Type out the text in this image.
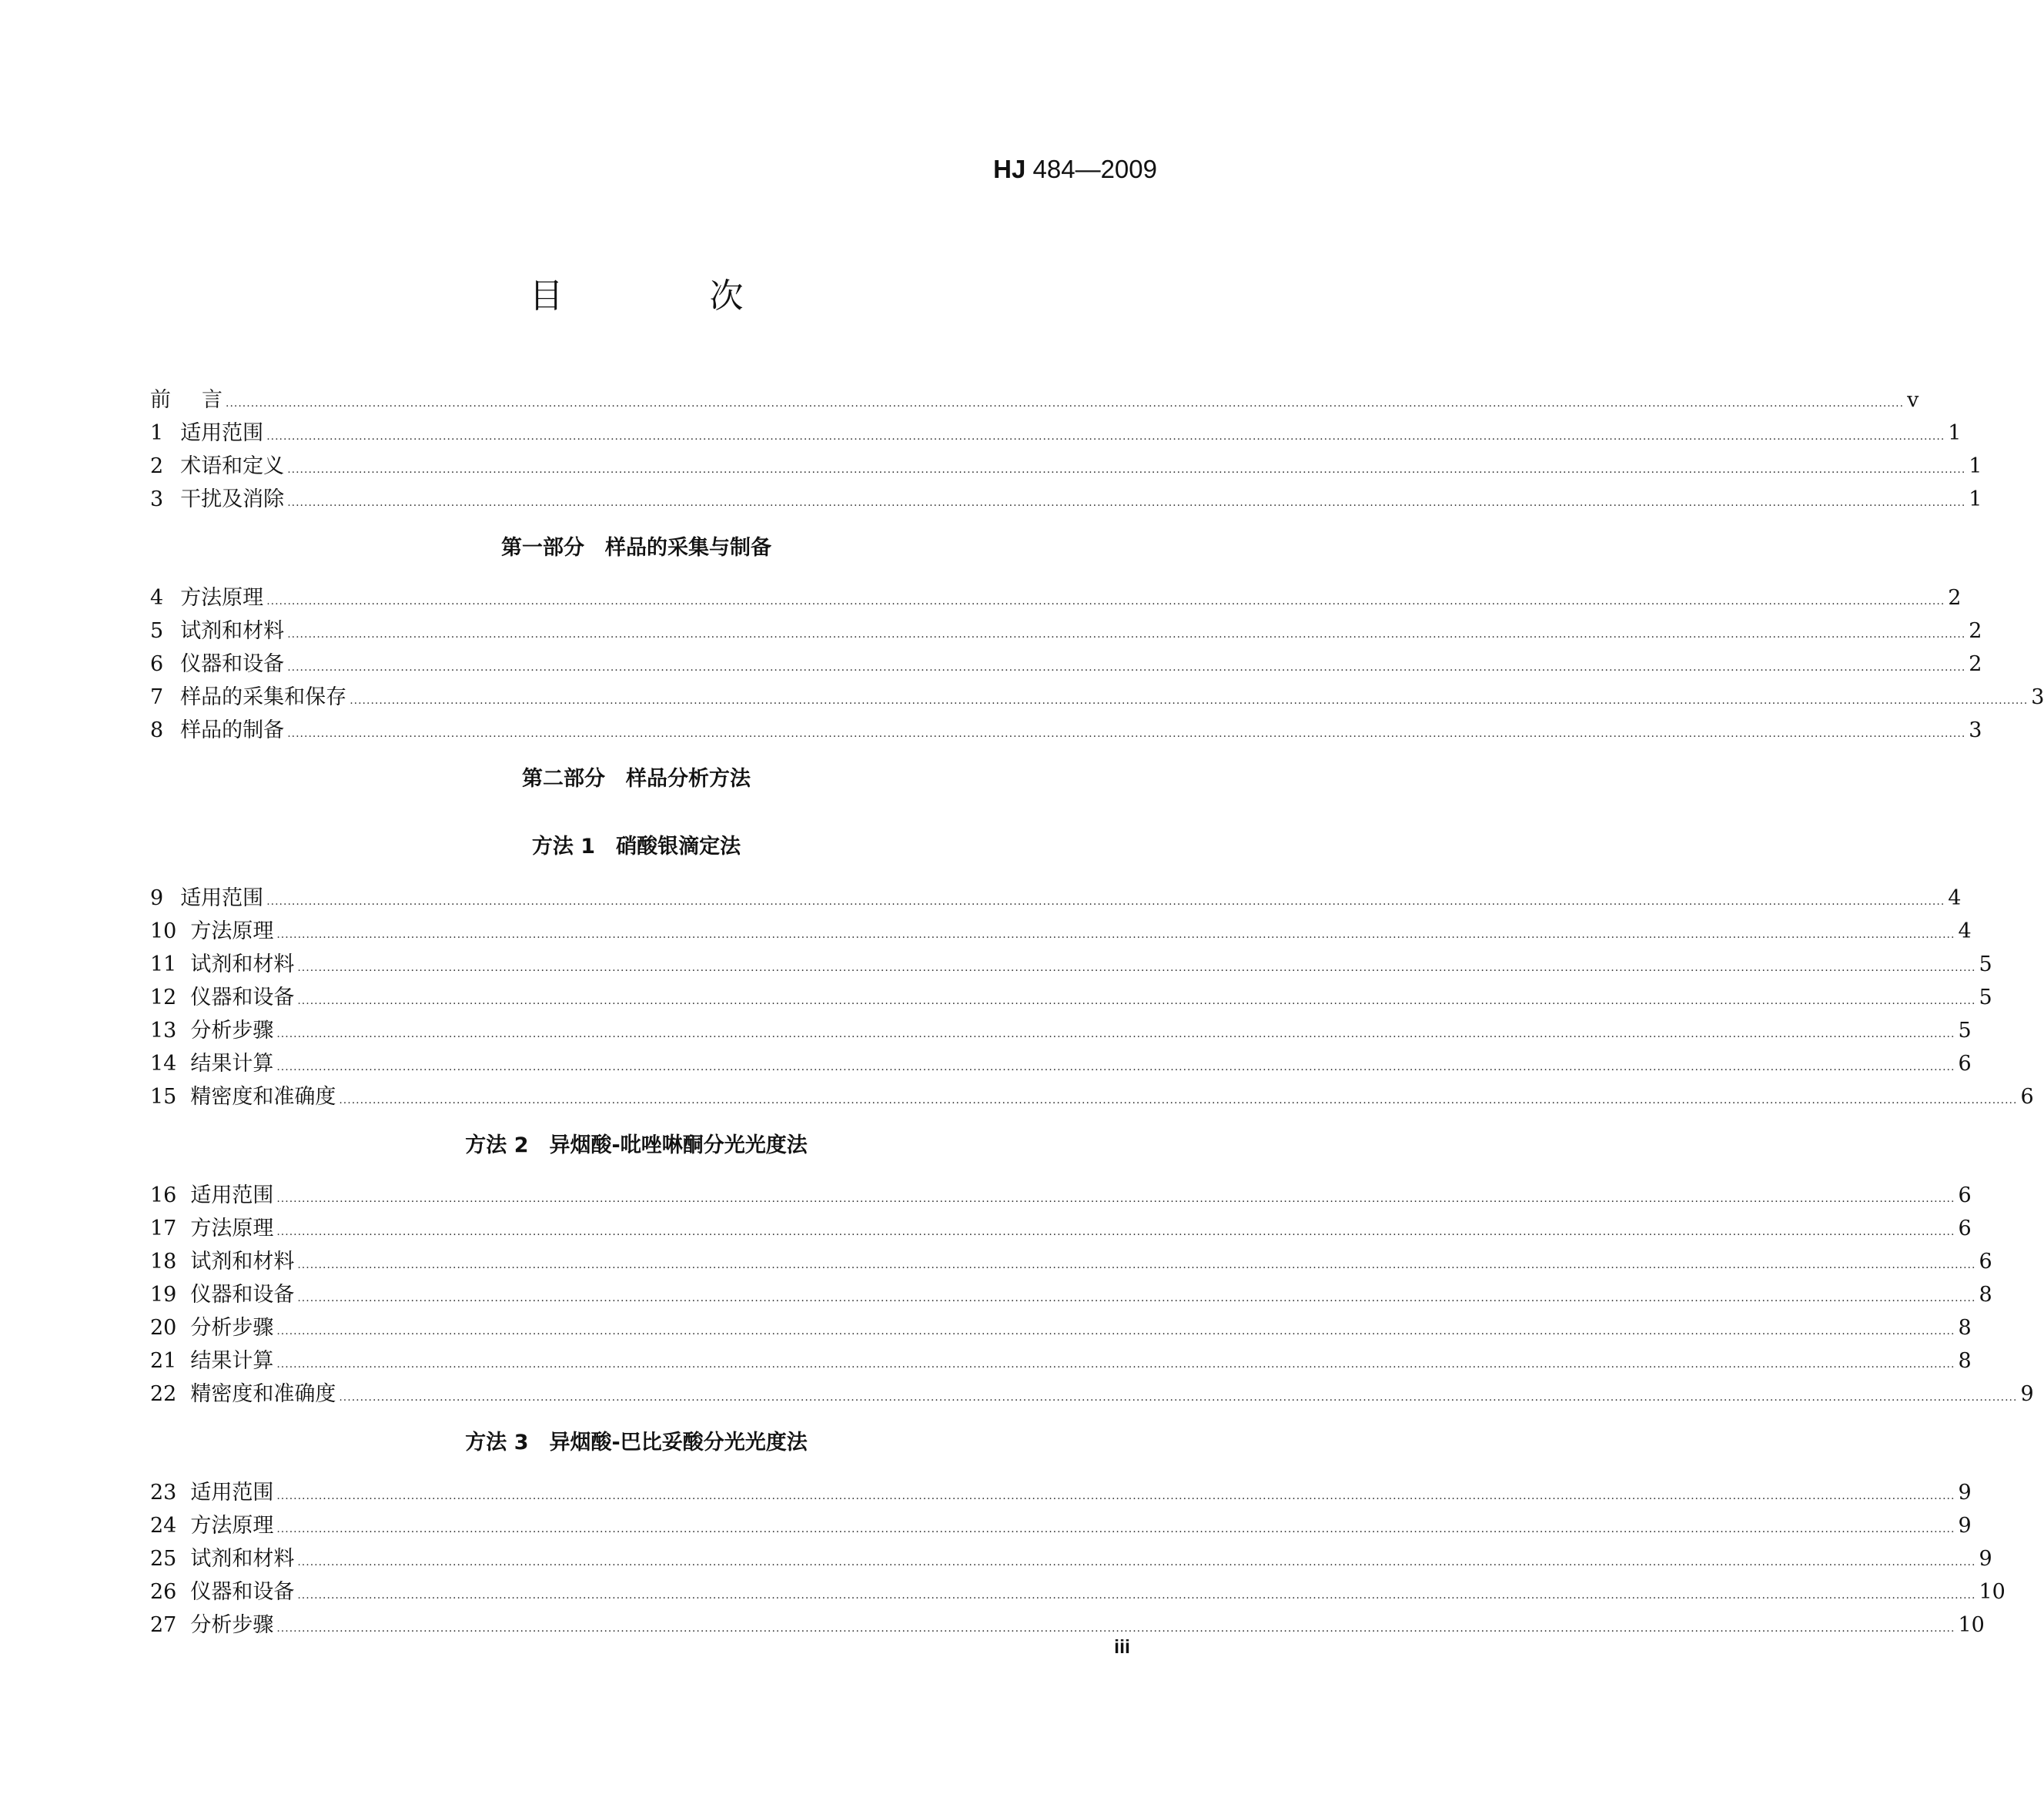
HJ 484—2009
目 次
前 言 ................................................................................................................................................................................................................................................................................................................................................................................................................ v
1 适用范围 ................................................................................................................................................................................................................................................................................................................................................................................................................ 1
2 术语和定义 ................................................................................................................................................................................................................................................................................................................................................................................................................ 1
3 干扰及消除 ................................................................................................................................................................................................................................................................................................................................................................................................................ 1
第一部分　样品的采集与制备
4 方法原理 ................................................................................................................................................................................................................................................................................................................................................................................................................ 2
5 试剂和材料 ................................................................................................................................................................................................................................................................................................................................................................................................................ 2
6 仪器和设备 ................................................................................................................................................................................................................................................................................................................................................................................................................ 2
7 样品的采集和保存 ................................................................................................................................................................................................................................................................................................................................................................................................................ 3
8 样品的制备 ................................................................................................................................................................................................................................................................................................................................................................................................................ 3
第二部分　样品分析方法
方法 1　硝酸银滴定法
9 适用范围 ................................................................................................................................................................................................................................................................................................................................................................................................................ 4
10 方法原理 ................................................................................................................................................................................................................................................................................................................................................................................................................ 4
11 试剂和材料 ................................................................................................................................................................................................................................................................................................................................................................................................................ 5
12 仪器和设备 ................................................................................................................................................................................................................................................................................................................................................................................................................ 5
13 分析步骤 ................................................................................................................................................................................................................................................................................................................................................................................................................ 5
14 结果计算 ................................................................................................................................................................................................................................................................................................................................................................................................................ 6
15 精密度和准确度 ................................................................................................................................................................................................................................................................................................................................................................................................................ 6
方法 2　异烟酸-吡唑啉酮分光光度法
16 适用范围 ................................................................................................................................................................................................................................................................................................................................................................................................................ 6
17 方法原理 ................................................................................................................................................................................................................................................................................................................................................................................................................ 6
18 试剂和材料 ................................................................................................................................................................................................................................................................................................................................................................................................................ 6
19 仪器和设备 ................................................................................................................................................................................................................................................................................................................................................................................................................ 8
20 分析步骤 ................................................................................................................................................................................................................................................................................................................................................................................................................ 8
21 结果计算 ................................................................................................................................................................................................................................................................................................................................................................................................................ 8
22 精密度和准确度 ................................................................................................................................................................................................................................................................................................................................................................................................................ 9
方法 3　异烟酸-巴比妥酸分光光度法
23 适用范围 ................................................................................................................................................................................................................................................................................................................................................................................................................ 9
24 方法原理 ................................................................................................................................................................................................................................................................................................................................................................................................................ 9
25 试剂和材料 ................................................................................................................................................................................................................................................................................................................................................................................................................ 9
26 仪器和设备 ................................................................................................................................................................................................................................................................................................................................................................................................................ 10
27 分析步骤 ................................................................................................................................................................................................................................................................................................................................................................................................................ 10
iii
